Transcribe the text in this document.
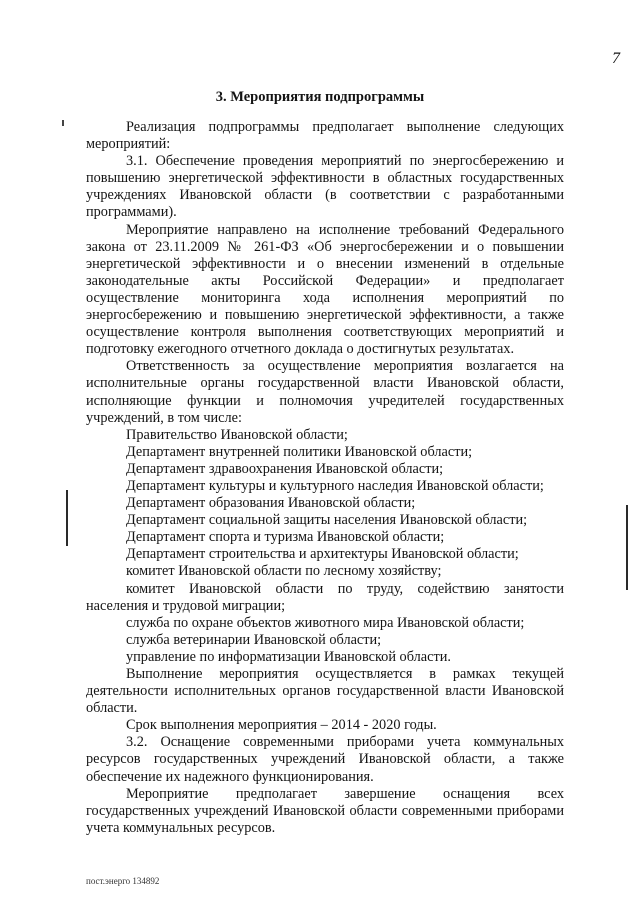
7
3. Мероприятия подпрограммы

Реализация подпрограммы предполагает выполнение следующих мероприятий:

3.1. Обеспечение проведения мероприятий по энергосбережению и повышению энергетической эффективности в областных государственных учреждениях Ивановской области (в соответствии с разработанными программами).

Мероприятие направлено на исполнение требований Федерального закона от 23.11.2009 № 261-ФЗ «Об энергосбережении и о повышении энергетической эффективности и о внесении изменений в отдельные законодательные акты Российской Федерации» и предполагает осуществление мониторинга хода исполнения мероприятий по энергосбережению и повышению энергетической эффективности, а также осуществление контроля выполнения соответствующих мероприятий и подготовку ежегодного отчетного доклада о достигнутых результатах.

Ответственность за осуществление мероприятия возлагается на исполнительные органы государственной власти Ивановской области, исполняющие функции и полномочия учредителей государственных учреждений, в том числе:

Правительство Ивановской области;
Департамент внутренней политики Ивановской области;
Департамент здравоохранения Ивановской области;
Департамент культуры и культурного наследия Ивановской области;
Департамент образования Ивановской области;
Департамент социальной защиты населения Ивановской области;
Департамент спорта и туризма Ивановской области;
Департамент строительства и архитектуры Ивановской области;
комитет Ивановской области по лесному хозяйству;
комитет Ивановской области по труду, содействию занятости населения и трудовой миграции;
служба по охране объектов животного мира Ивановской области;
служба ветеринарии Ивановской области;
управление по информатизации Ивановской области.

Выполнение мероприятия осуществляется в рамках текущей деятельности исполнительных органов государственной власти Ивановской области.

Срок выполнения мероприятия – 2014 - 2020 годы.

3.2. Оснащение современными приборами учета коммунальных ресурсов государственных учреждений Ивановской области, а также обеспечение их надежного функционирования.

Мероприятие предполагает завершение оснащения всех государственных учреждений Ивановской области современными приборами учета коммунальных ресурсов.

пост.энерго 134892
